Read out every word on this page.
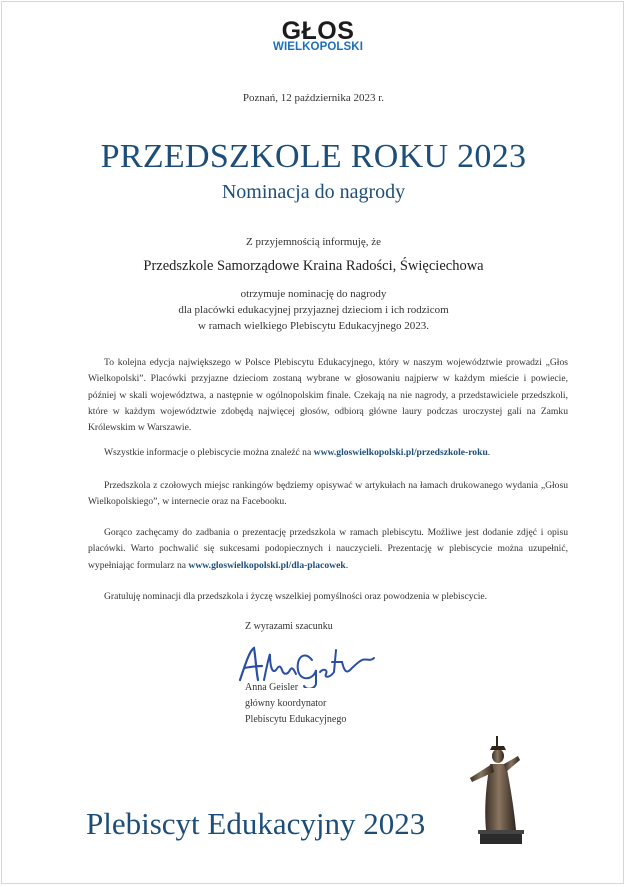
GŁOS
WIELKOPOLSKI
Poznań, 12 października 2023 r.
PRZEDSZKOLE ROKU 2023
Nominacja do nagrody
Z przyjemnością informuję, że
Przedszkole Samorządowe Kraina Radości, Święciechowa
otrzymuje nominację do nagrody
dla placówki edukacyjnej przyjaznej dzieciom i ich rodzicom
w ramach wielkiego Plebiscytu Edukacyjnego 2023.

To kolejna edycja największego w Polsce Plebiscytu Edukacyjnego, który w naszym województwie prowadzi „Głos Wielkopolski”. Placówki przyjazne dzieciom zostaną wybrane w głosowaniu najpierw w każdym mieście i powiecie, później w skali województwa, a następnie w ogólnopolskim finale. Czekają na nie nagrody, a przedstawiciele przedszkoli, które w każdym województwie zdobędą najwięcej głosów, odbiorą główne laury podczas uroczystej gali na Zamku Królewskim w Warszawie.

Wszystkie informacje o plebiscycie można znaleźć na www.gloswielkopolski.pl/przedszkole-roku.

Przedszkola z czołowych miejsc rankingów będziemy opisywać w artykułach na łamach drukowanego wydania „Głosu Wielkopolskiego”, w internecie oraz na Facebooku.

Gorąco zachęcamy do zadbania o prezentację przedszkola w ramach plebiscytu. Możliwe jest dodanie zdjęć i opisu placówki. Warto pochwalić się sukcesami podopiecznych i nauczycieli. Prezentację w plebiscycie można uzupełnić, wypełniając formularz na www.gloswielkopolski.pl/dla-placowek.

Gratuluję nominacji dla przedszkola i życzę wszelkiej pomyślności oraz powodzenia w plebiscycie.

Z wyrazami szacunku
Anna Geisler
główny koordynator
Plebiscytu Edukacyjnego
Plebiscyt Edukacyjny 2023
